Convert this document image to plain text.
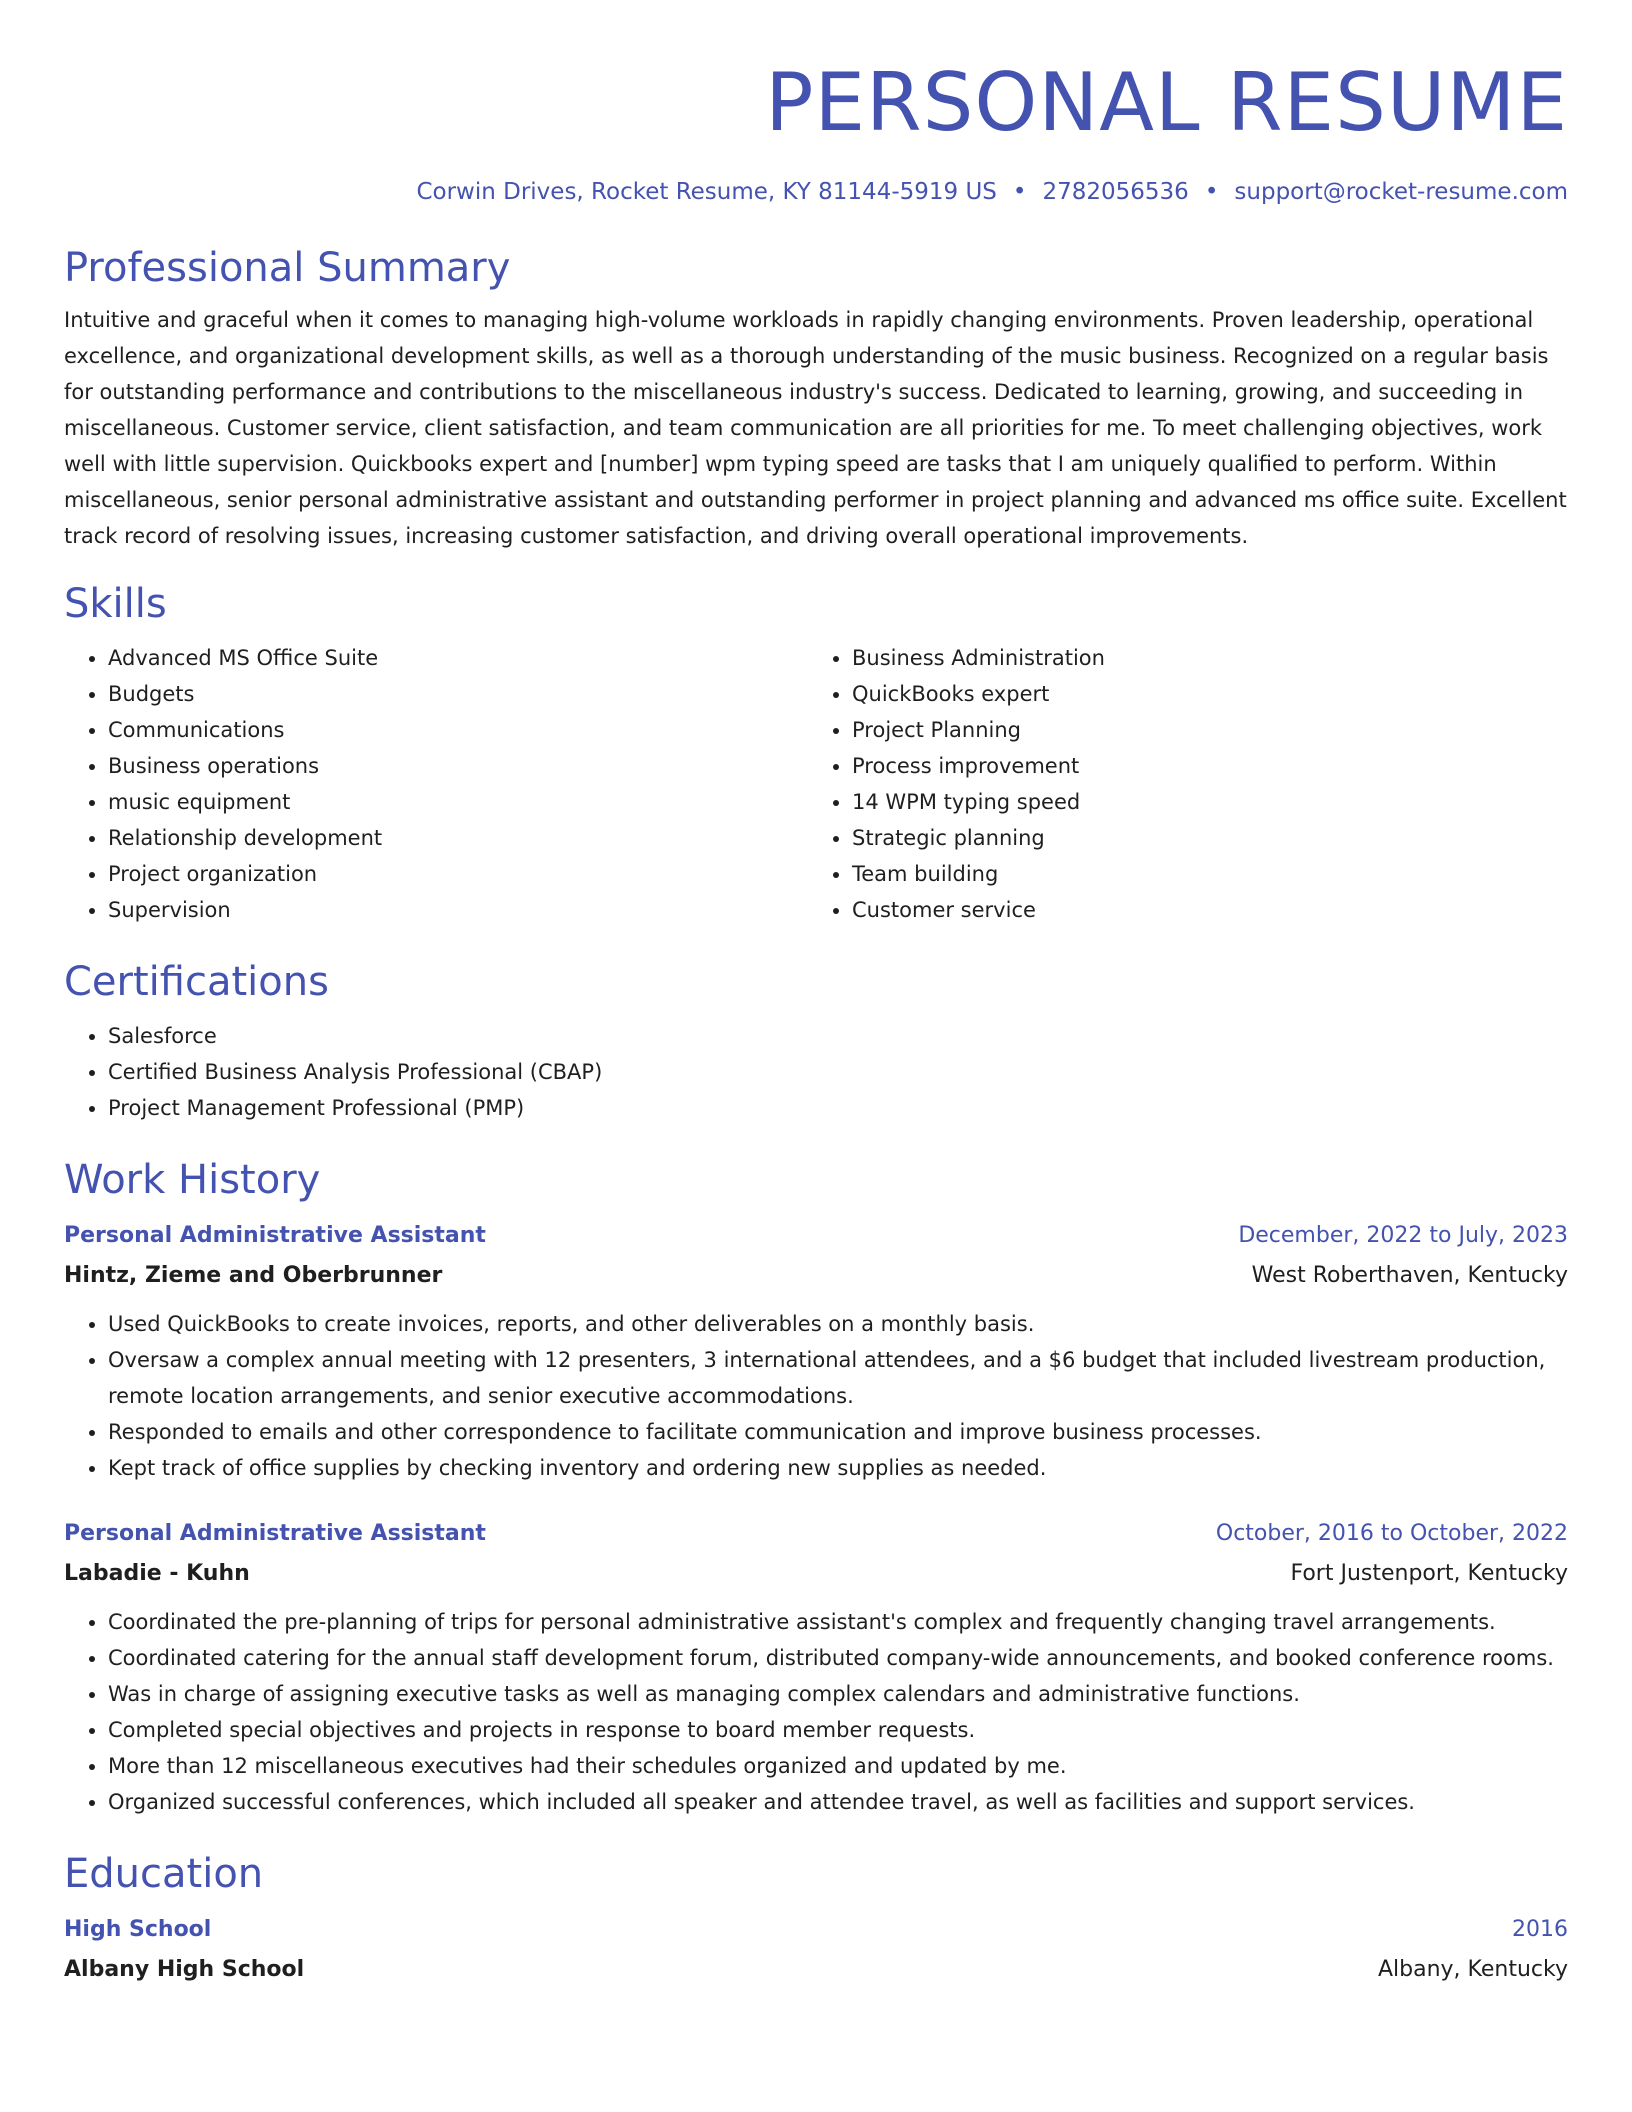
PERSONAL RESUME
Corwin Drives, Rocket Resume, KY 81144-5919 US • 2782056536 • support@rocket-resume.com
Professional Summary

Intuitive and graceful when it comes to managing high-volume workloads in rapidly changing environments. Proven leadership, operational excellence, and organizational development skills, as well as a thorough understanding of the music business. Recognized on a regular basis for outstanding performance and contributions to the miscellaneous industry's success. Dedicated to learning, growing, and succeeding in miscellaneous. Customer service, client satisfaction, and team communication are all priorities for me. To meet challenging objectives, work well with little supervision. Quickbooks expert and [number] wpm typing speed are tasks that I am uniquely qualified to perform. Within miscellaneous, senior personal administrative assistant and outstanding performer in project planning and advanced ms office suite. Excellent track record of resolving issues, increasing customer satisfaction, and driving overall operational improvements.

Skills
• Advanced MS Office Suite
• Budgets
• Communications
• Business operations
• music equipment
• Relationship development
• Project organization
• Supervision
• Business Administration
• QuickBooks expert
• Project Planning
• Process improvement
• 14 WPM typing speed
• Strategic planning
• Team building
• Customer service
Certifications
• Salesforce
• Certified Business Analysis Professional (CBAP)
• Project Management Professional (PMP)
Work History
Personal Administrative Assistant	December, 2022 to July, 2023
Hintz, Zieme and Oberbrunner	West Roberthaven, Kentucky
• Used QuickBooks to create invoices, reports, and other deliverables on a monthly basis.
• Oversaw a complex annual meeting with 12 presenters, 3 international attendees, and a $6 budget that included livestream production, remote location arrangements, and senior executive accommodations.
• Responded to emails and other correspondence to facilitate communication and improve business processes.
• Kept track of office supplies by checking inventory and ordering new supplies as needed.
Personal Administrative Assistant	October, 2016 to October, 2022
Labadie - Kuhn	Fort Justenport, Kentucky
• Coordinated the pre-planning of trips for personal administrative assistant's complex and frequently changing travel arrangements.
• Coordinated catering for the annual staff development forum, distributed company-wide announcements, and booked conference rooms.
• Was in charge of assigning executive tasks as well as managing complex calendars and administrative functions.
• Completed special objectives and projects in response to board member requests.
• More than 12 miscellaneous executives had their schedules organized and updated by me.
• Organized successful conferences, which included all speaker and attendee travel, as well as facilities and support services.
Education
High School	2016
Albany High School	Albany, Kentucky
